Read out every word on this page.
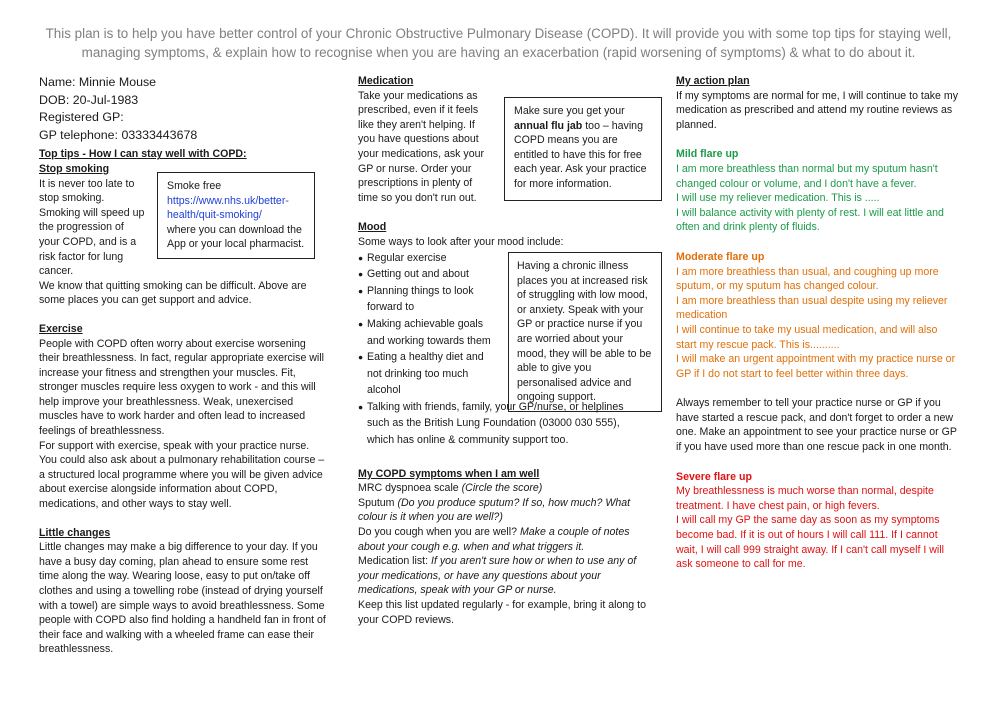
This plan is to help you have better control of your Chronic Obstructive Pulmonary Disease (COPD). It will provide you with some top tips for staying well, managing symptoms, & explain how to recognise when you are having an exacerbation (rapid worsening of symptoms) & what to do about it.

Name: Minnie Mouse

DOB: 20-Jul-1983

Registered GP:

GP telephone: 03333443678

Top tips - How I can stay well with COPD:

Stop smoking

Smoke free

https://www.nhs.uk/better-health/quit-smoking/

where you can download the App or your local pharmacist.

It is never too late to stop smoking. Smoking will speed up the progression of your COPD, and is a risk factor for lung cancer.

We know that quitting smoking can be difficult. Above are some places you can get support and advice.

Exercise

People with COPD often worry about exercise worsening their breathlessness. In fact, regular appropriate exercise will increase your fitness and strengthen your muscles. Fit, stronger muscles require less oxygen to work - and this will help improve your breathlessness. Weak, unexercised muscles have to work harder and often lead to increased feelings of breathlessness.

For support with exercise, speak with your practice nurse. You could also ask about a pulmonary rehabilitation course – a structured local programme where you will be given advice about exercise alongside information about COPD, medications, and other ways to stay well.

Little changes

Little changes may make a big difference to your day. If you have a busy day coming, plan ahead to ensure some rest time along the way. Wearing loose, easy to put on/take off clothes and using a towelling robe (instead of drying yourself with a towel) are simple ways to avoid breathlessness. Some people with COPD also find holding a handheld fan in front of their face and walking with a wheeled frame can ease their breathlessness.

Medication

Make sure you get your annual flu jab too – having COPD means you are entitled to have this for free each year. Ask your practice for more information.

Take your medications as prescribed, even if it feels like they aren't helping. If you have questions about your medications, ask your GP or nurse. Order your prescriptions in plenty of time so you don't run out.

Mood

Some ways to look after your mood include:

Having a chronic illness places you at increased risk of struggling with low mood, or anxiety. Speak with your GP or practice nurse if you are worried about your mood, they will be able to be able to give you personalised advice and ongoing support.

● Regular exercise
● Getting out and about
● Planning things to look forward to
● Making achievable goals and working towards them
● Eating a healthy diet and not drinking too much alcohol
● Talking with friends, family, your GP/nurse, or helplines such as the British Lung Foundation (03000 030 555), which has online & community support too.

My COPD symptoms when I am well

MRC dyspnoea scale (Circle the score)

Sputum (Do you produce sputum? If so, how much? What colour is it when you are well?)

Do you cough when you are well? Make a couple of notes about your cough e.g. when and what triggers it.

Medication list: If you aren't sure how or when to use any of your medications, or have any questions about your medications, speak with your GP or nurse.

Keep this list updated regularly - for example, bring it along to your COPD reviews.

My action plan

If my symptoms are normal for me, I will continue to take my medication as prescribed and attend my routine reviews as planned.

Mild flare up

I am more breathless than normal but my sputum hasn't changed colour or volume, and I don't have a fever.

I will use my reliever medication. This is .....

I will balance activity with plenty of rest. I will eat little and often and drink plenty of fluids.

Moderate flare up

I am more breathless than usual, and coughing up more sputum, or my sputum has changed colour.

I am more breathless than usual despite using my reliever medication

I will continue to take my usual medication, and will also start my rescue pack. This is..........

I will make an urgent appointment with my practice nurse or GP if I do not start to feel better within three days.

Always remember to tell your practice nurse or GP if you have started a rescue pack, and don't forget to order a new one. Make an appointment to see your practice nurse or GP if you have used more than one rescue pack in one month.

Severe flare up

My breathlessness is much worse than normal, despite treatment. I have chest pain, or high fevers.

I will call my GP the same day as soon as my symptoms become bad. If it is out of hours I will call 111. If I cannot wait, I will call 999 straight away. If I can't call myself I will ask someone to call for me.
